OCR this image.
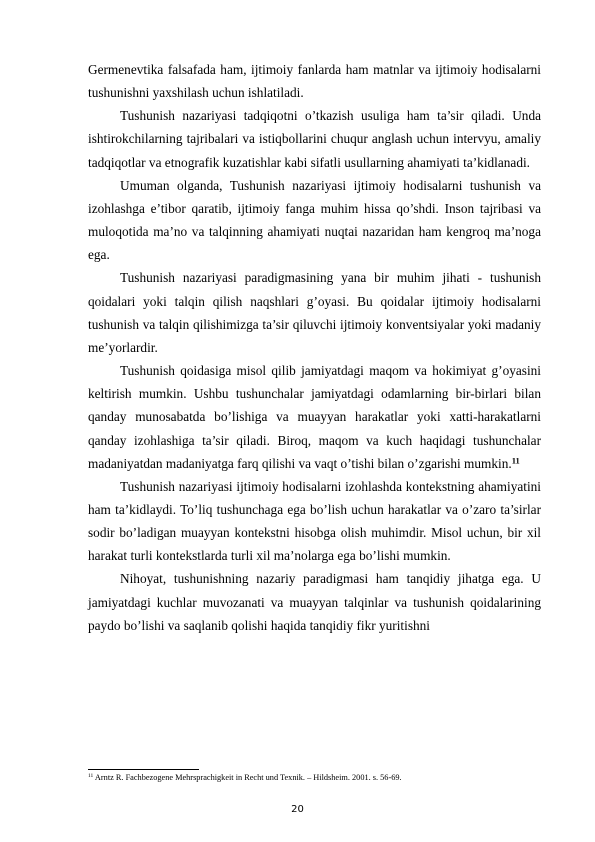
Germenevtika falsafada ham, ijtimoiy fanlarda ham matnlar va ijtimoiy hodisalarni tushunishni yaxshilash uchun ishlatiladi.

Tushunish nazariyasi tadqiqotni o’tkazish usuliga ham ta’sir qiladi. Unda ishtirokchilarning tajribalari va istiqbollarini chuqur anglash uchun intervyu, amaliy tadqiqotlar va etnografik kuzatishlar kabi sifatli usullarning ahamiyati ta’kidlanadi.

Umuman olganda, Tushunish nazariyasi ijtimoiy hodisalarni tushunish va izohlashga e’tibor qaratib, ijtimoiy fanga muhim hissa qo’shdi. Inson tajribasi va muloqotida ma’no va talqinning ahamiyati nuqtai nazaridan ham kengroq ma’noga ega.

Tushunish nazariyasi paradigmasining yana bir muhim jihati - tushunish qoidalari yoki talqin qilish naqshlari g’oyasi. Bu qoidalar ijtimoiy hodisalarni tushunish va talqin qilishimizga ta’sir qiluvchi ijtimoiy konventsiyalar yoki madaniy me’yorlardir.

Tushunish qoidasiga misol qilib jamiyatdagi maqom va hokimiyat g’oyasini keltirish mumkin. Ushbu tushunchalar jamiyatdagi odamlarning bir-birlari bilan qanday munosabatda bo’lishiga va muayyan harakatlar yoki xatti-harakatlarni qanday izohlashiga ta’sir qiladi. Biroq, maqom va kuch haqidagi tushunchalar madaniyatdan madaniyatga farq qilishi va vaqt o’tishi bilan o’zgarishi mumkin.$^{11}$

Tushunish nazariyasi ijtimoiy hodisalarni izohlashda kontekstning ahamiyatini ham ta’kidlaydi. To’liq tushunchaga ega bo’lish uchun harakatlar va o’zaro ta’sirlar sodir bo’ladigan muayyan kontekstni hisobga olish muhimdir. Misol uchun, bir xil harakat turli kontekstlarda turli xil ma’nolarga ega bo’lishi mumkin.

Nihoyat, tushunishning nazariy paradigmasi ham tanqidiy jihatga ega. U jamiyatdagi kuchlar muvozanati va muayyan talqinlar va tushunish qoidalarining paydo bo’lishi va saqlanib qolishi haqida tanqidiy fikr yuritishni

$^{11}$ Arntz R. Fachbezogene Mehrsprachigkeit in Recht und Texnik. – Hildsheim. 2001. s. 56-69.
20
